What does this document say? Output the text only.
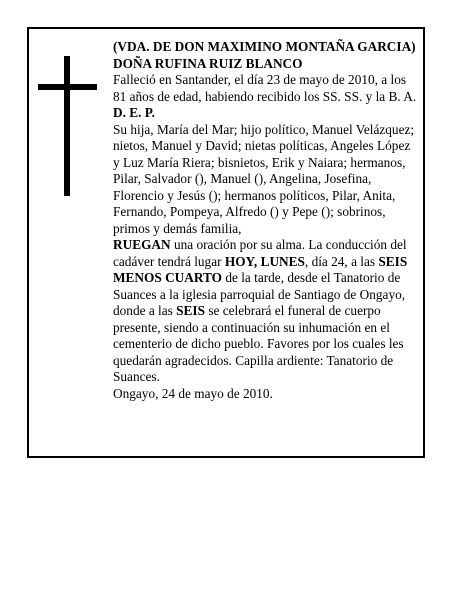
(VDA. DE DON MAXIMINO MONTAÑA GARCIA)

DOÑA RUFINA RUIZ BLANCO

Falleció en Santander, el día 23 de mayo de 2010, a los 81 años de edad, habiendo recibido los SS. SS. y la B. A.

D. E. P.

Su hija, María del Mar; hijo político, Manuel Velázquez; nietos, Manuel y David; nietas políticas, Angeles López y Luz María Riera; bisnietos, Erik y Naiara; hermanos, Pilar, Salvador (), Manuel (), Angelina, Josefina, Florencio y Jesús (); hermanos políticos, Pilar, Anita, Fernando, Pompeya, Alfredo () y Pepe (); sobrinos, primos y demás familia,

RUEGAN una oración por su alma. La conducción del cadáver tendrá lugar HOY, LUNES, día 24, a las SEIS MENOS CUARTO de la tarde, desde el Tanatorio de Suances a la iglesia parroquial de Santiago de Ongayo, donde a las SEIS se celebrará el funeral de cuerpo presente, siendo a continuación su inhumación en el cementerio de dicho pueblo. Favores por los cuales les quedarán agradecidos. Capilla ardiente: Tanatorio de Suances.

Ongayo, 24 de mayo de 2010.
